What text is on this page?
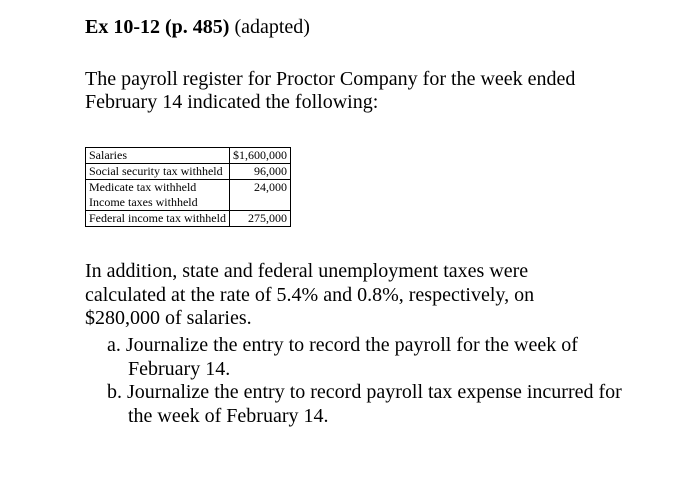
Ex 10-12 (p. 485) (adapted)
The payroll register for Proctor Company for the week ended February 14 indicated the following:
Salaries	$1,600,000
Social security tax withheld	96,000
Medicate tax withheld	24,000
Income taxes withheld	
Federal income tax withheld	275,000
In addition, state and federal unemployment taxes were calculated at the rate of 5.4% and 0.8%, respectively, on $280,000 of salaries.

a. Journalize the entry to record the payroll for the week of February 14.

b. Journalize the entry to record payroll tax expense incurred for the week of February 14.
